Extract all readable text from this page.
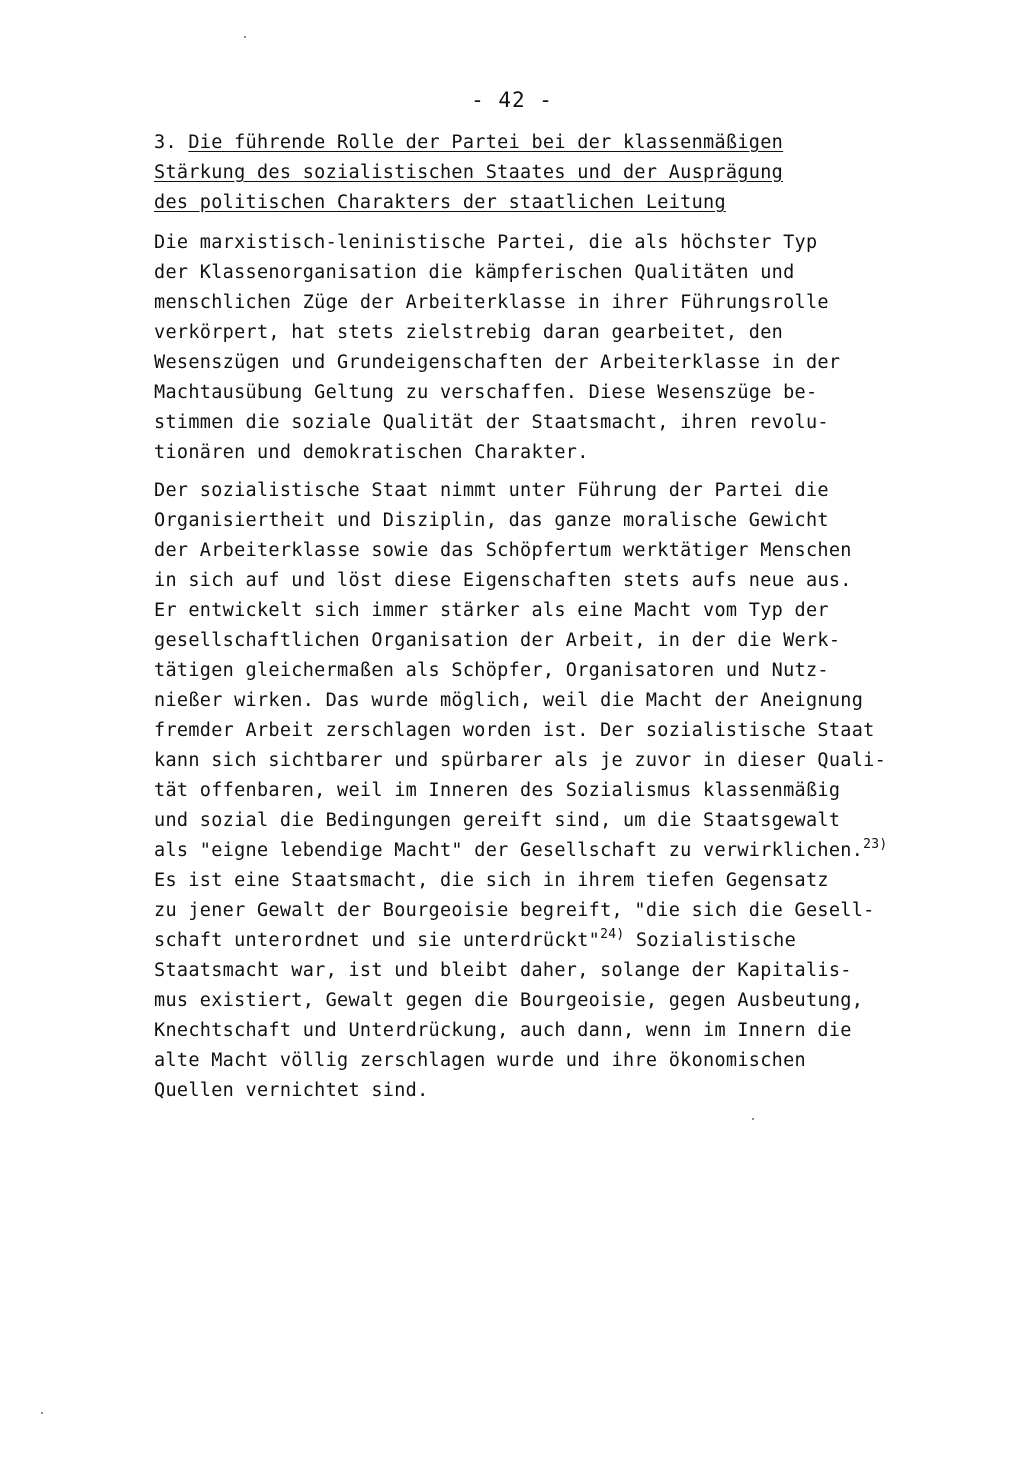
- 42 -
3. Die führende Rolle der Partei bei der klassenmäßigen
Stärkung des sozialistischen Staates und der Ausprägung
des politischen Charakters der staatlichen Leitung
Die marxistisch-leninistische Partei, die als höchster Typ
der Klassenorganisation die kämpferischen Qualitäten und
menschlichen Züge der Arbeiterklasse in ihrer Führungsrolle
verkörpert, hat stets zielstrebig daran gearbeitet, den
Wesenszügen und Grundeigenschaften der Arbeiterklasse in der
Machtausübung Geltung zu verschaffen. Diese Wesenszüge be-
stimmen die soziale Qualität der Staatsmacht, ihren revolu-
tionären und demokratischen Charakter.
Der sozialistische Staat nimmt unter Führung der Partei die
Organisiertheit und Disziplin, das ganze moralische Gewicht
der Arbeiterklasse sowie das Schöpfertum werktätiger Menschen
in sich auf und löst diese Eigenschaften stets aufs neue aus.
Er entwickelt sich immer stärker als eine Macht vom Typ der
gesellschaftlichen Organisation der Arbeit, in der die Werk-
tätigen gleichermaßen als Schöpfer, Organisatoren und Nutz-
nießer wirken. Das wurde möglich, weil die Macht der Aneignung
fremder Arbeit zerschlagen worden ist. Der sozialistische Staat
kann sich sichtbarer und spürbarer als je zuvor in dieser Quali-
tät offenbaren, weil im Inneren des Sozialismus klassenmäßig
und sozial die Bedingungen gereift sind, um die Staatsgewalt
als "eigne lebendige Macht" der Gesellschaft zu verwirklichen.$^{23)}$
Es ist eine Staatsmacht, die sich in ihrem tiefen Gegensatz
zu jener Gewalt der Bourgeoisie begreift, "die sich die Gesell-
schaft unterordnet und sie unterdrückt"$^{24)}$ Sozialistische
Staatsmacht war, ist und bleibt daher, solange der Kapitalis-
mus existiert, Gewalt gegen die Bourgeoisie, gegen Ausbeutung,
Knechtschaft und Unterdrückung, auch dann, wenn im Innern die
alte Macht völlig zerschlagen wurde und ihre ökonomischen
Quellen vernichtet sind.
